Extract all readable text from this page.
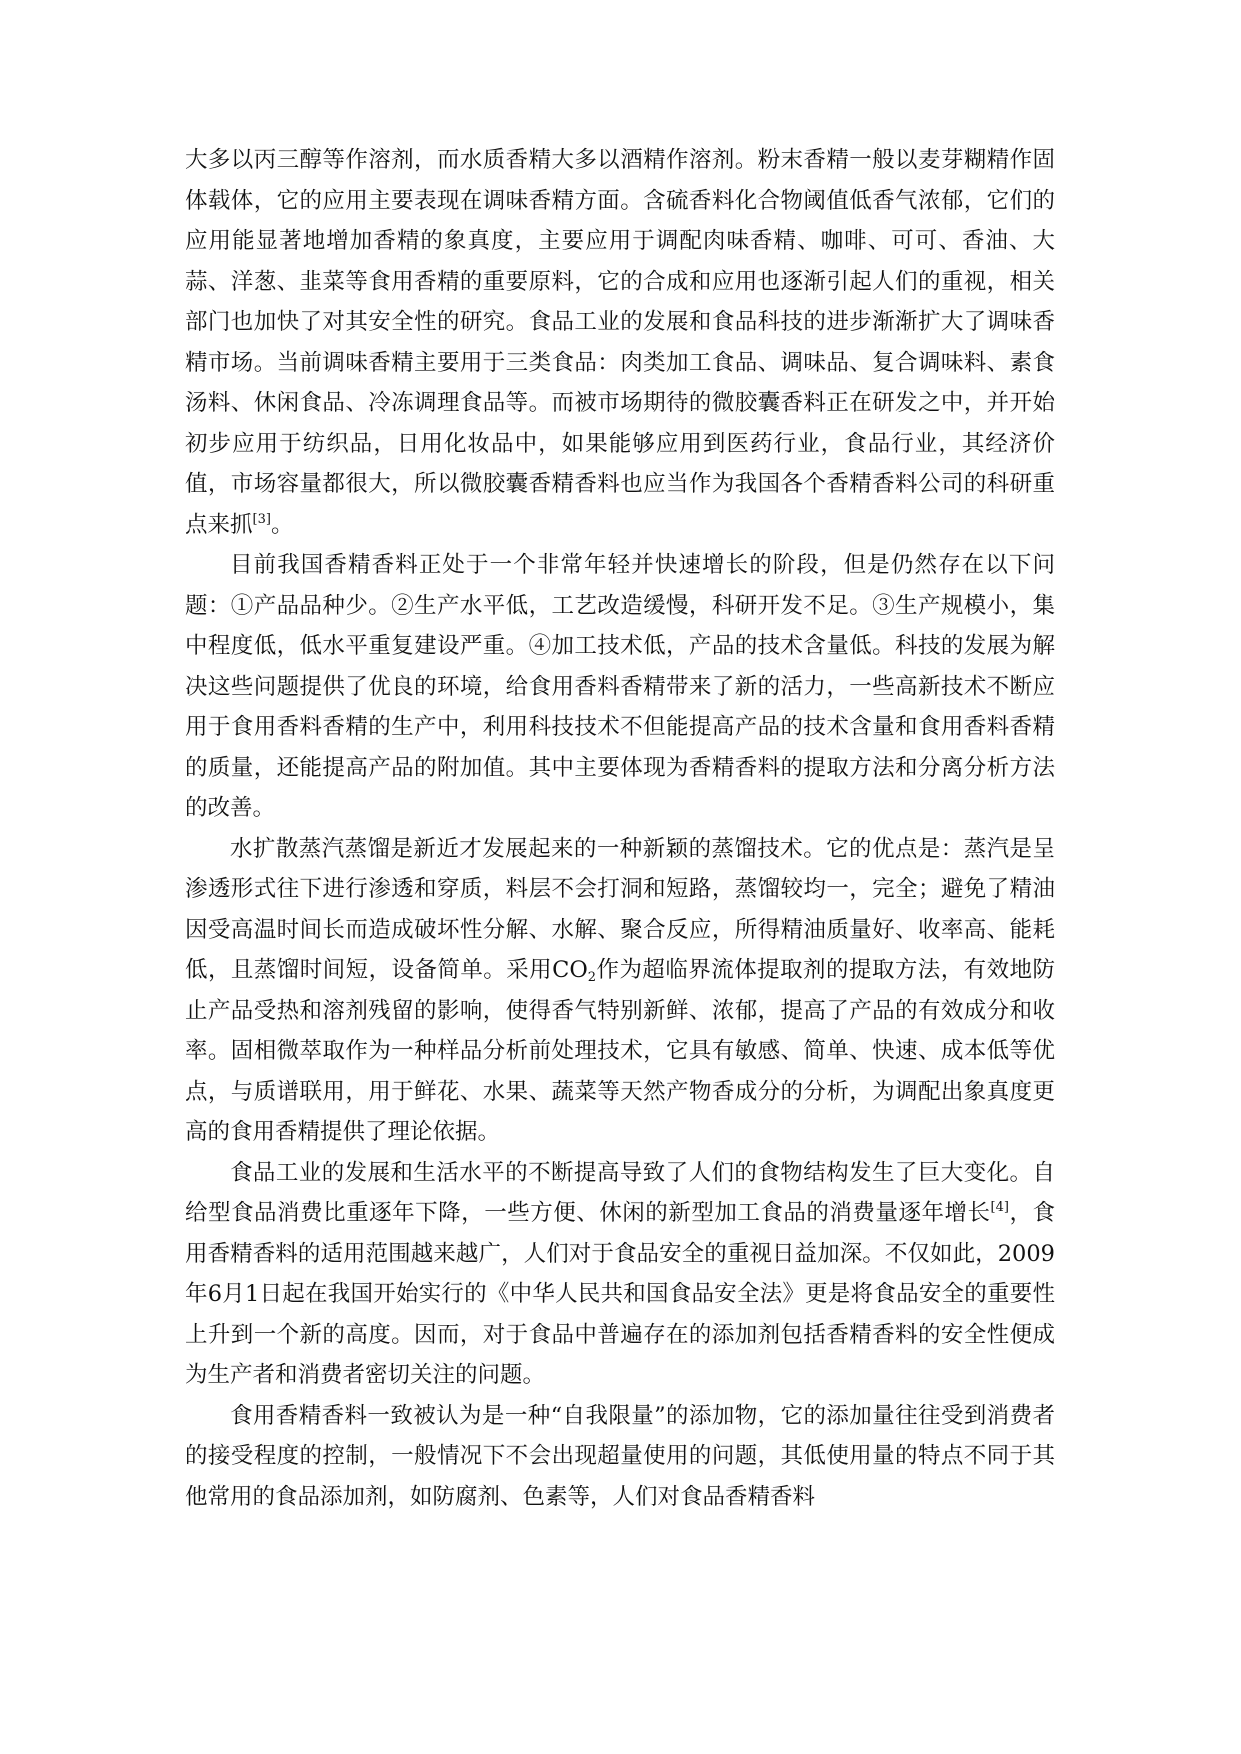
大多以丙三醇等作溶剂，而水质香精大多以酒精作溶剂。粉末香精一般以麦芽糊精作固体载体，它的应用主要表现在调味香精方面。含硫香料化合物阈值低香气浓郁，它们的应用能显著地增加香精的象真度，主要应用于调配肉味香精、咖啡、可可、香油、大蒜、洋葱、韭菜等食用香精的重要原料，它的合成和应用也逐渐引起人们的重视，相关部门也加快了对其安全性的研究。食品工业的发展和食品科技的进步渐渐扩大了调味香精市场。当前调味香精主要用于三类食品：肉类加工食品、调味品、复合调味料、素食汤料、休闲食品、冷冻调理食品等。而被市场期待的微胶囊香料正在研发之中，并开始初步应用于纺织品，日用化妆品中，如果能够应用到医药行业，食品行业，其经济价值，市场容量都很大，所以微胶囊香精香料也应当作为我国各个香精香料公司的科研重点来抓[3]。

目前我国香精香料正处于一个非常年轻并快速增长的阶段，但是仍然存在以下问题：①产品品种少。②生产水平低，工艺改造缓慢，科研开发不足。③生产规模小，集中程度低，低水平重复建设严重。④加工技术低，产品的技术含量低。科技的发展为解决这些问题提供了优良的环境，给食用香料香精带来了新的活力，一些高新技术不断应用于食用香料香精的生产中，利用科技技术不但能提高产品的技术含量和食用香料香精的质量，还能提高产品的附加值。其中主要体现为香精香料的提取方法和分离分析方法的改善。

水扩散蒸汽蒸馏是新近才发展起来的一种新颖的蒸馏技术。它的优点是：蒸汽是呈渗透形式往下进行渗透和穿质，料层不会打洞和短路，蒸馏较均一，完全；避免了精油因受高温时间长而造成破坏性分解、水解、聚合反应，所得精油质量好、收率高、能耗低，且蒸馏时间短，设备简单。采用$CO_2$作为超临界流体提取剂的提取方法，有效地防止产品受热和溶剂残留的影响，使得香气特别新鲜、浓郁，提高了产品的有效成分和收率。固相微萃取作为一种样品分析前处理技术，它具有敏感、简单、快速、成本低等优点，与质谱联用，用于鲜花、水果、蔬菜等天然产物香成分的分析，为调配出象真度更高的食用香精提供了理论依据。

食品工业的发展和生活水平的不断提高导致了人们的食物结构发生了巨大变化。自给型食品消费比重逐年下降，一些方便、休闲的新型加工食品的消费量逐年增长[4]，食用香精香料的适用范围越来越广，人们对于食品安全的重视日益加深。不仅如此，2009年6月1日起在我国开始实行的《中华人民共和国食品安全法》更是将食品安全的重要性上升到一个新的高度。因而，对于食品中普遍存在的添加剂包括香精香料的安全性便成为生产者和消费者密切关注的问题。

食用香精香料一致被认为是一种“自我限量”的添加物，它的添加量往往受到消费者的接受程度的控制，一般情况下不会出现超量使用的问题，其低使用量的特点不同于其他常用的食品添加剂，如防腐剂、色素等，人们对食品香精香料
